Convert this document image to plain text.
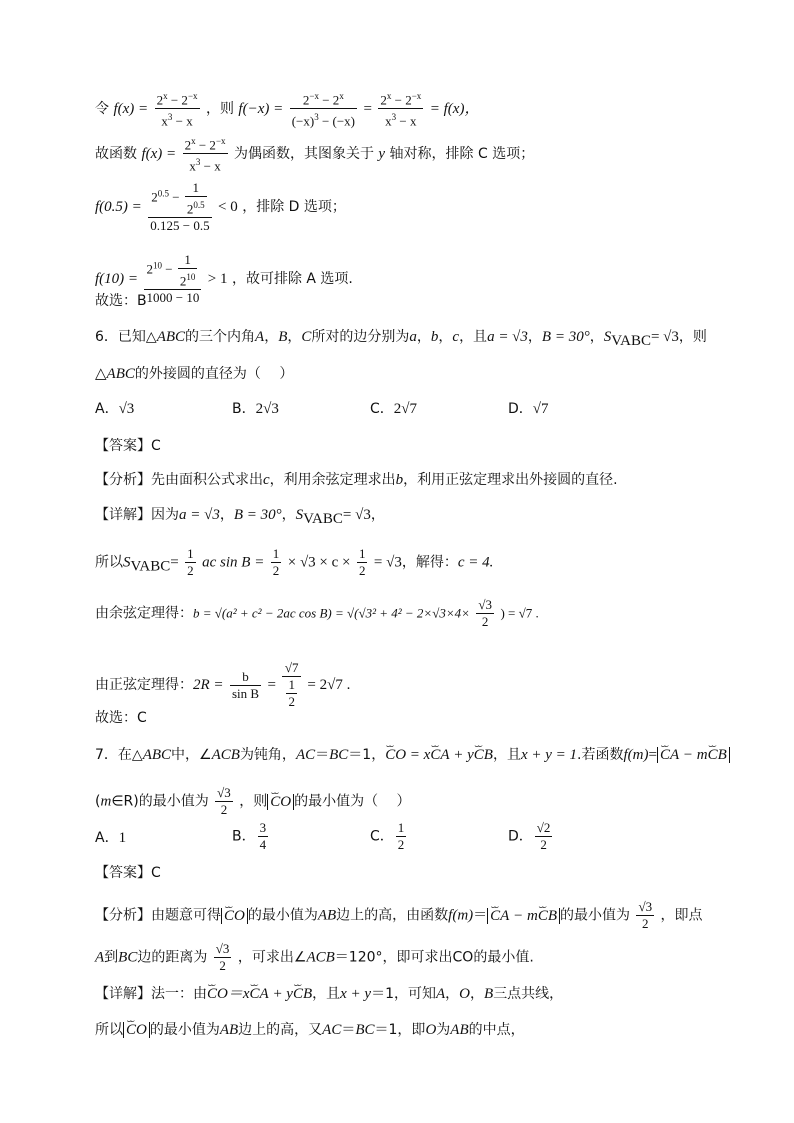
令 $f(x) = \frac{2^x - 2^{-x}}{x^3 - x}$ ，则 $f(-x) = \frac{2^{-x} - 2^x}{(-x)^3 - (-x)} = \frac{2^x - 2^{-x}}{x^3 - x} = f(x)$，
故函数 $f(x) = \frac{2^x - 2^{-x}}{x^3 - x}$ 为偶函数，其图象关于 y 轴对称，排除 C 选项；
$f(0.5) = \frac{2^{0.5} - \frac{1}{2^{0.5}}}{0.125 - 0.5} < 0$ ，排除 D 选项；
$f(10) = \frac{2^{10} - \frac{1}{2^{10}}}{1000 - 10} > 1$ ，故可排除 A 选项.
故选：B
6．已知△ABC的三个内角A，B，C所对的边分别为a，b，c，且a = √3，B = 30°，$S_{VABC}= √3$，则
△ABC的外接圆的直径为（　 ）
A．√3	B．2√3	C．2√7	D．√7
【答案】C
【分析】先由面积公式求出c，利用余弦定理求出b，利用正弦定理求出外接圆的直径.
【详解】因为a = √3，B = 30°，$S_{VABC}= √3$，
所以$S_{VABC}= \frac{1}{2}$ ac $\sin B = \frac{1}{2} \times √3 \times c \times \frac{1}{2} = √3$，解得：c = 4.
由余弦定理得：b = √(a² + c² − 2ac $\cos B) = √(√3^2 + 4^2 - 2\times√3\times 4\times \frac{√3}{2}$ ) = √7 .
由正弦定理得：$2R = \frac{b}{\text{sin B}} = \frac{√7}{\frac{1}{2}} = 2√7$ .
故选：C
7．在△ABC中，∠ACB为钝角，AC＝BC＝1，⌣⌣ CO = x⌣⌣ CA + y⌣⌣ CB，且x + y = 1.若函数f(m)= ⌣⌣ CA − m⌣⌣ CB
(m∈R)的最小值为 $\frac{√3}{2}$ ，则 ⌣⌣ CO 的最小值为（　 ）
A．1	B． $\frac{3}{4}$	C． $\frac{1}{2}$	D． $\frac{√2}{2}$
【答案】C
【分析】由题意可得 ⌣⌣ CO 的最小值为AB边上的高，由函数f(m)＝ ⌣⌣ CA − m⌣⌣ CB 的最小值为 $\frac{√3}{2}$ ，即点
A到BC边的距离为 $\frac{√3}{2}$ ，可求出∠ACB＝120°，即可求出CO的最小值.
【详解】法一：由⌣⌣ CO＝x⌣⌣ CA + y⌣⌣ CB，且x + y＝1，可知A，O，B三点共线，
所以 ⌣⌣ CO 的最小值为AB边上的高，又AC＝BC＝1，即O为AB的中点，
